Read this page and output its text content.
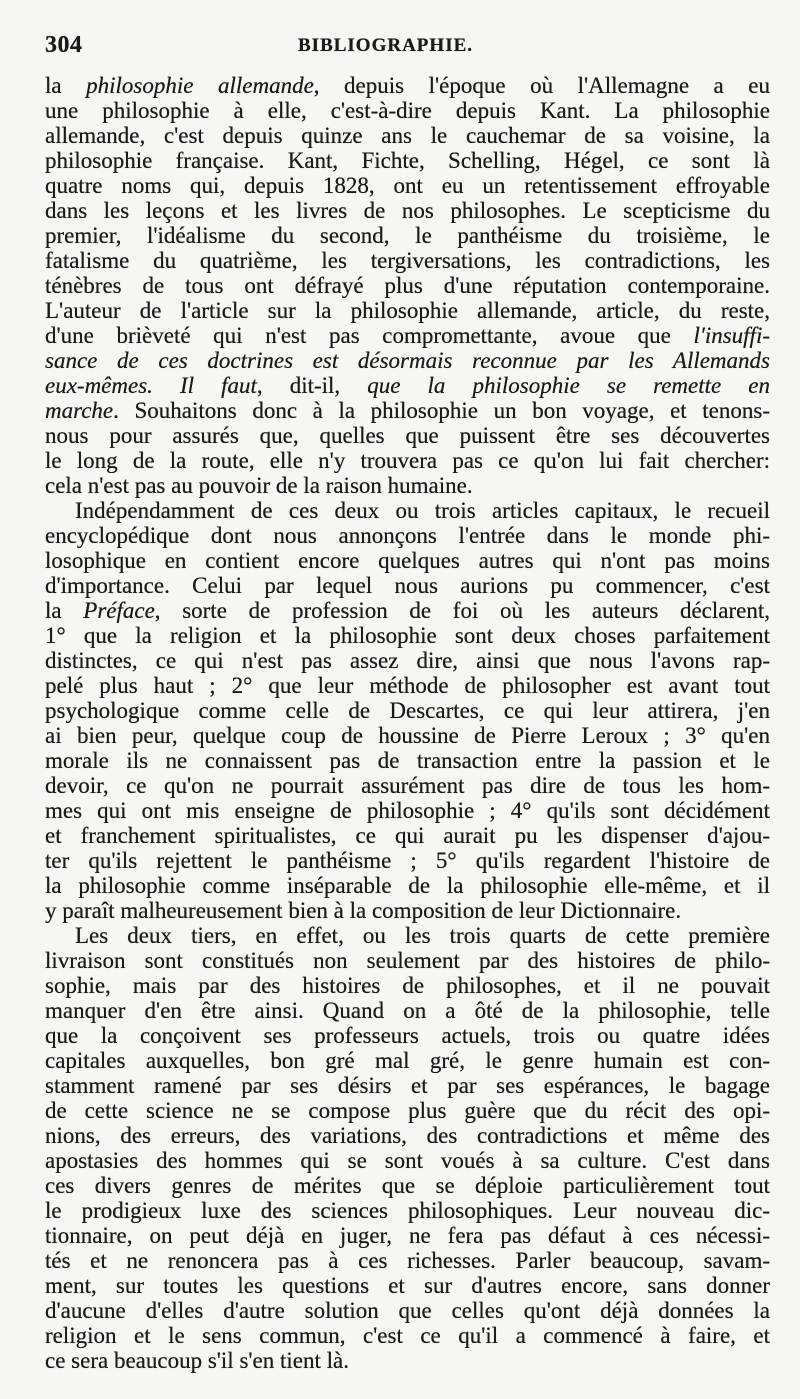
304	BIBLIOGRAPHIE.
la philosophie allemande, depuis l'époque où l'Allemagne a eu
une philosophie à elle, c'est-à-dire depuis Kant. La philosophie
allemande, c'est depuis quinze ans le cauchemar de sa voisine, la
philosophie française. Kant, Fichte, Schelling, Hégel, ce sont là
quatre noms qui, depuis 1828, ont eu un retentissement effroyable
dans les leçons et les livres de nos philosophes. Le scepticisme du
premier, l'idéalisme du second, le panthéisme du troisième, le
fatalisme du quatrième, les tergiversations, les contradictions, les
ténèbres de tous ont défrayé plus d'une réputation contemporaine.
L'auteur de l'article sur la philosophie allemande, article, du reste,
d'une brièveté qui n'est pas compromettante, avoue que l'insuffi-
sance de ces doctrines est désormais reconnue par les Allemands
eux-mêmes. Il faut, dit-il, que la philosophie se remette en
marche. Souhaitons donc à la philosophie un bon voyage, et tenons-
nous pour assurés que, quelles que puissent être ses découvertes
le long de la route, elle n'y trouvera pas ce qu'on lui fait chercher:
cela n'est pas au pouvoir de la raison humaine.
Indépendamment de ces deux ou trois articles capitaux, le recueil
encyclopédique dont nous annonçons l'entrée dans le monde phi-
losophique en contient encore quelques autres qui n'ont pas moins
d'importance. Celui par lequel nous aurions pu commencer, c'est
la Préface, sorte de profession de foi où les auteurs déclarent,
1° que la religion et la philosophie sont deux choses parfaitement
distinctes, ce qui n'est pas assez dire, ainsi que nous l'avons rap-
pelé plus haut ; 2° que leur méthode de philosopher est avant tout
psychologique comme celle de Descartes, ce qui leur attirera, j'en
ai bien peur, quelque coup de houssine de Pierre Leroux ; 3° qu'en
morale ils ne connaissent pas de transaction entre la passion et le
devoir, ce qu'on ne pourrait assurément pas dire de tous les hom-
mes qui ont mis enseigne de philosophie ; 4° qu'ils sont décidément
et franchement spiritualistes, ce qui aurait pu les dispenser d'ajou-
ter qu'ils rejettent le panthéisme ; 5° qu'ils regardent l'histoire de
la philosophie comme inséparable de la philosophie elle-même, et il
y paraît malheureusement bien à la composition de leur Dictionnaire.
Les deux tiers, en effet, ou les trois quarts de cette première
livraison sont constitués non seulement par des histoires de philo-
sophie, mais par des histoires de philosophes, et il ne pouvait
manquer d'en être ainsi. Quand on a ôté de la philosophie, telle
que la conçoivent ses professeurs actuels, trois ou quatre idées
capitales auxquelles, bon gré mal gré, le genre humain est con-
stamment ramené par ses désirs et par ses espérances, le bagage
de cette science ne se compose plus guère que du récit des opi-
nions, des erreurs, des variations, des contradictions et même des
apostasies des hommes qui se sont voués à sa culture. C'est dans
ces divers genres de mérites que se déploie particulièrement tout
le prodigieux luxe des sciences philosophiques. Leur nouveau dic-
tionnaire, on peut déjà en juger, ne fera pas défaut à ces nécessi-
tés et ne renoncera pas à ces richesses. Parler beaucoup, savam-
ment, sur toutes les questions et sur d'autres encore, sans donner
d'aucune d'elles d'autre solution que celles qu'ont déjà données la
religion et le sens commun, c'est ce qu'il a commencé à faire, et
ce sera beaucoup s'il s'en tient là.
